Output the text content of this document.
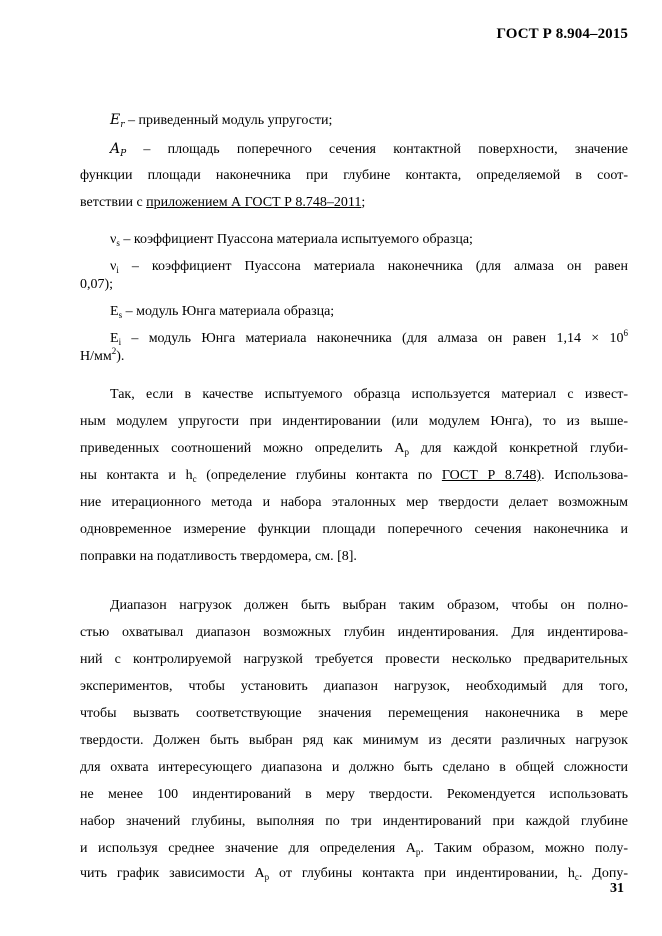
ГОСТ Р 8.904–2015
$E_r$ – приведенный модуль упругости;
$A_P$ – площадь поперечного сечения контактной поверхности, значение
функции площади наконечника при глубине контакта, определяемой в соот-
ветствии с приложением А ГОСТ Р 8.748–2011;
$\nu_s$ – коэффициент Пуассона материала испытуемого образца;
$\nu_i$ – коэффициент Пуассона материала наконечника (для алмаза он равен
0,07);
$E_s$ – модуль Юнга материала образца;
$E_i$ – модуль Юнга материала наконечника (для алмаза он равен $1,14 \times 10^6$
$Н/мм^2$).
Так, если в качестве испытуемого образца используется материал с извест-
ным модулем упругости при индентировании (или модулем Юнга), то из выше-
приведенных соотношений можно определить $A_p$ для каждой конкретной глуби-
ны контакта и $h_c$ (определение глубины контакта по ГОСТ Р 8.748). Использова-
ние итерационного метода и набора эталонных мер твердости делает возможным
одновременное измерение функции площади поперечного сечения наконечника и
поправки на податливость твердомера, см. [8].
Диапазон нагрузок должен быть выбран таким образом, чтобы он полно-
стью охватывал диапазон возможных глубин индентирования. Для индентирова-
ний с контролируемой нагрузкой требуется провести несколько предварительных
экспериментов, чтобы установить диапазон нагрузок, необходимый для того,
чтобы вызвать соответствующие значения перемещения наконечника в мере
твердости. Должен быть выбран ряд как минимум из десяти различных нагрузок
для охвата интересующего диапазона и должно быть сделано в общей сложности
не менее 100 индентирований в меру твердости. Рекомендуется использовать
набор значений глубины, выполняя по три индентирований при каждой глубине
и используя среднее значение для определения $A_p$. Таким образом, можно полу-
чить график зависимости $A_p$ от глубины контакта при индентировании, $h_c$. Допу-
31
